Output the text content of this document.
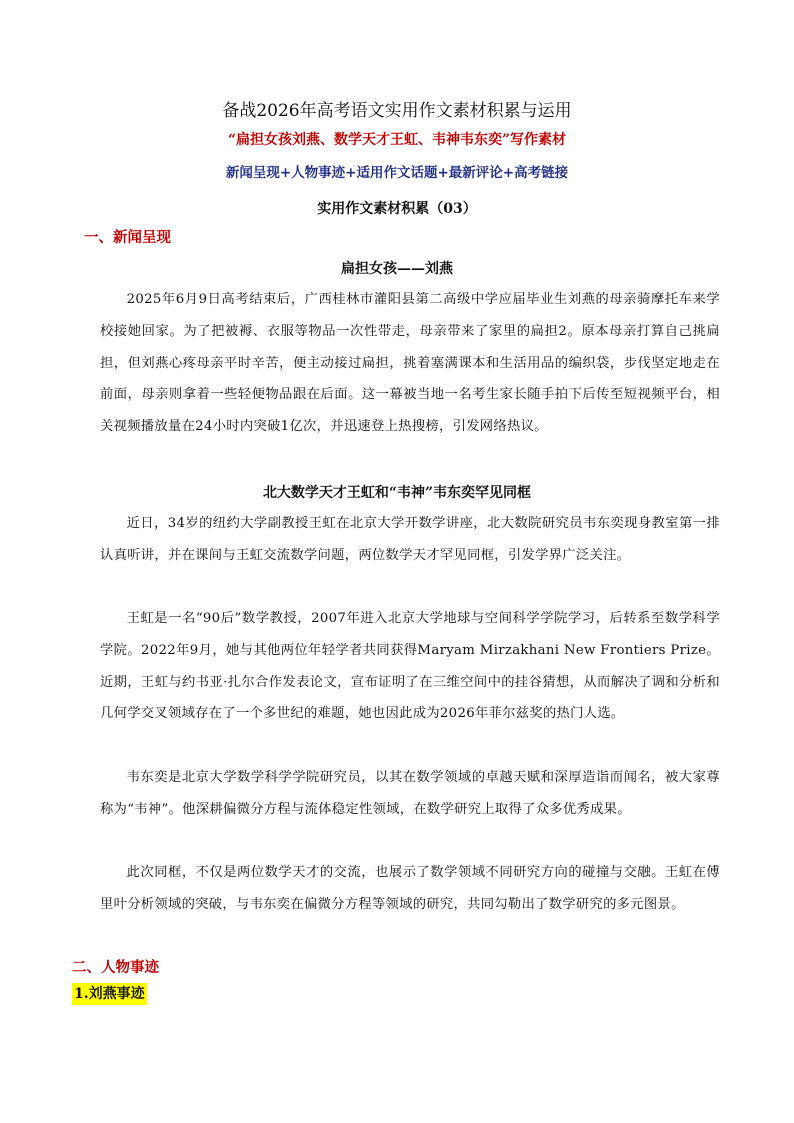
备战2026年高考语文实用作文素材积累与运用
“扁担女孩刘燕、数学天才王虹、韦神韦东奕”写作素材
新闻呈现+人物事迹+适用作文话题+最新评论+高考链接
实用作文素材积累（03）
一、新闻呈现
扁担女孩——刘燕
2025年6月9日高考结束后，广西桂林市灌阳县第二高级中学应届毕业生刘燕的母亲骑摩托车来学校接她回家。为了把被褥、衣服等物品一次性带走，母亲带来了家里的扁担2。原本母亲打算自己挑扁担，但刘燕心疼母亲平时辛苦，便主动接过扁担，挑着塞满课本和生活用品的编织袋，步伐坚定地走在前面，母亲则拿着一些轻便物品跟在后面。这一幕被当地一名考生家长随手拍下后传至短视频平台，相关视频播放量在24小时内突破1亿次，并迅速登上热搜榜，引发网络热议。
北大数学天才王虹和“韦神”韦东奕罕见同框
近日，34岁的纽约大学副教授王虹在北京大学开数学讲座，北大数院研究员韦东奕现身教室第一排认真听讲，并在课间与王虹交流数学问题，两位数学天才罕见同框，引发学界广泛关注。
王虹是一名“90后”数学教授，2007年进入北京大学地球与空间科学学院学习，后转系至数学科学学院。2022年9月，她与其他两位年轻学者共同获得Maryam Mirzakhani New Frontiers Prize。近期，王虹与约书亚·扎尔合作发表论文，宣布证明了在三维空间中的挂谷猜想，从而解决了调和分析和几何学交叉领域存在了一个多世纪的难题，她也因此成为2026年菲尔兹奖的热门人选。
韦东奕是北京大学数学科学学院研究员，以其在数学领域的卓越天赋和深厚造诣而闻名，被大家尊称为“韦神”。他深耕偏微分方程与流体稳定性领域，在数学研究上取得了众多优秀成果。
此次同框，不仅是两位数学天才的交流，也展示了数学领域不同研究方向的碰撞与交融。王虹在傅里叶分析领域的突破，与韦东奕在偏微分方程等领域的研究，共同勾勒出了数学研究的多元图景。
二、人物事迹
1.刘燕事迹
